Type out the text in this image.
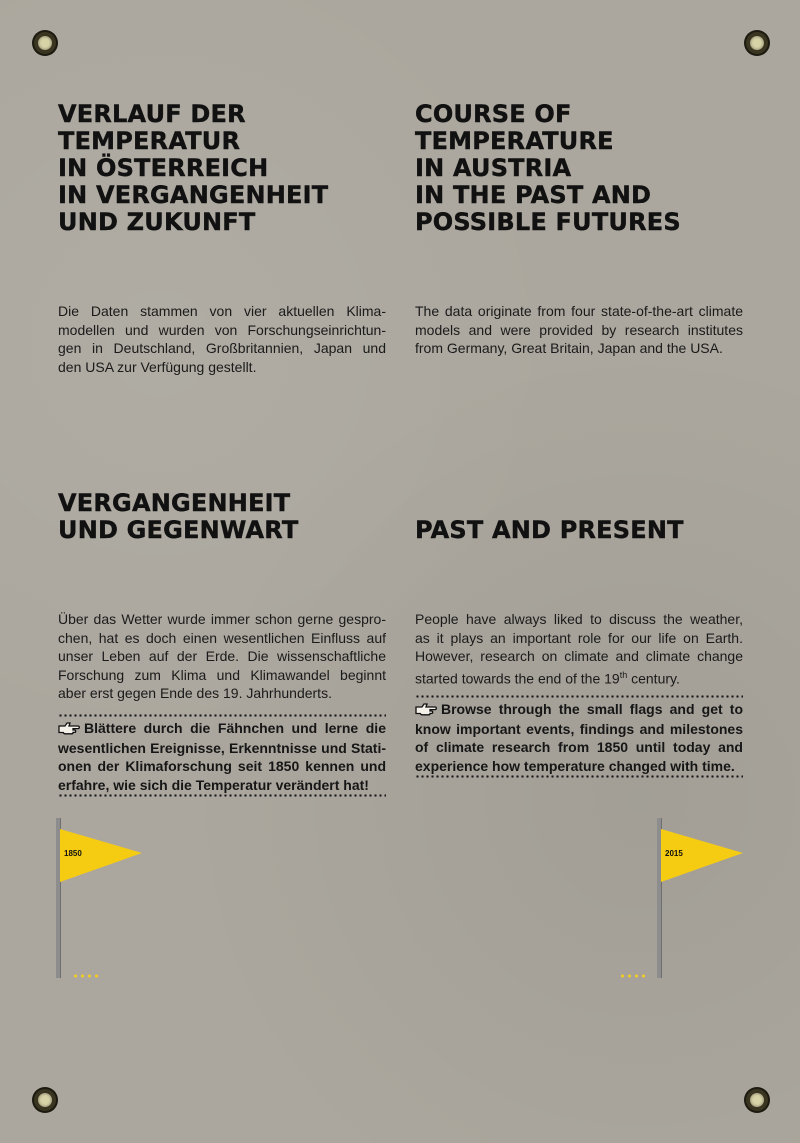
VERLAUF DER
TEMPERATUR
IN ÖSTERREICH
IN VERGANGENHEIT
UND ZUKUNFT
COURSE OF
TEMPERATURE
IN AUSTRIA
IN THE PAST AND
POSSIBLE FUTURES

Die Daten stammen von vier aktuellen Klima-
modellen und wurden von Forschungseinrichtun-
gen in Deutschland, Großbritannien, Japan und
den USA zur Verfügung gestellt.

The data originate from four state-of-the-art climate
models and were provided by research institutes
from Germany, Great Britain, Japan and the USA.

VERGANGENHEIT
UND GEGENWART	PAST AND PRESENT

Über das Wetter wurde immer schon gerne gespro-
chen, hat es doch einen wesentlichen Einfluss auf
unser Leben auf der Erde. Die wissenschaftliche
Forschung zum Klima und Klimawandel beginnt
aber erst gegen Ende des 19. Jahrhunderts.

People have always liked to discuss the weather,
as it plays an important role for our life on Earth.
However, research on climate and climate change
started towards the end of the 19th century.

Blättere durch die Fähnchen und lerne die
wesentlichen Ereignisse, Erkenntnisse und Stati-
onen der Klimaforschung seit 1850 kennen und
erfahre, wie sich die Temperatur verändert hat!
Browse through the small flags and get to
know important events, findings and milestones
of climate research from 1850 until today and
experience how temperature changed with time.
1850	2015
